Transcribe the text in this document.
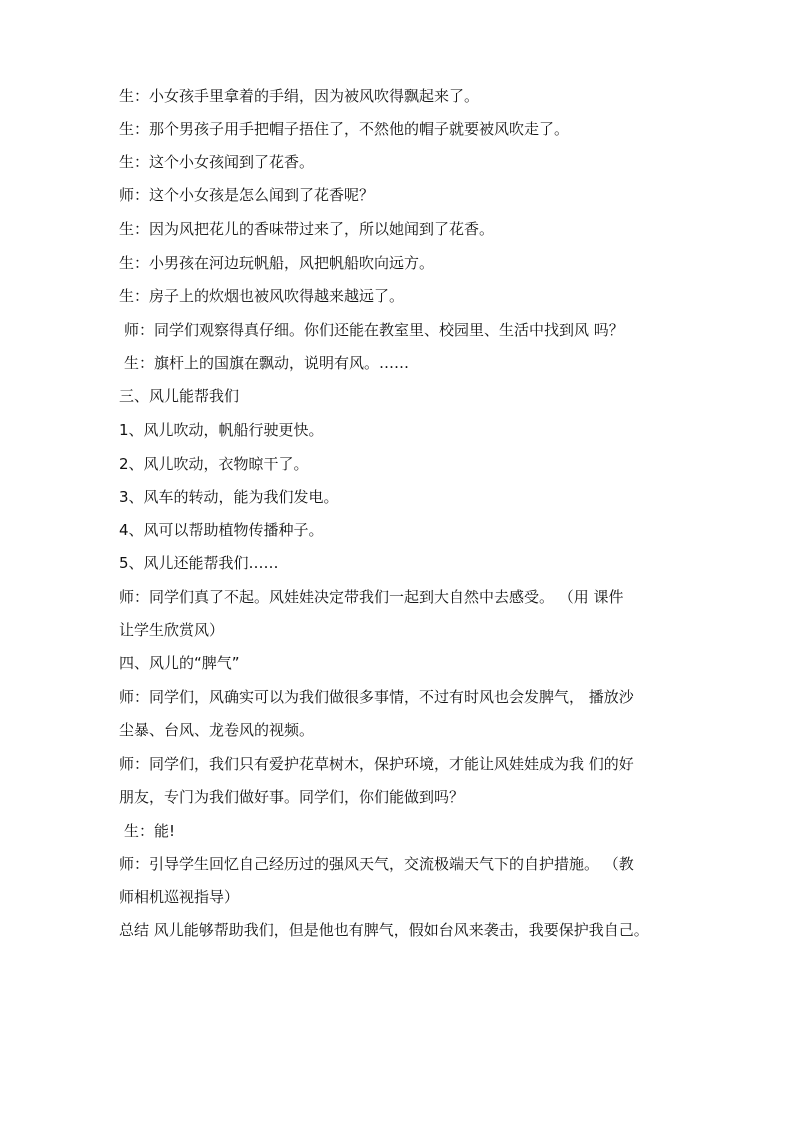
生：小女孩手里拿着的手绢，因为被风吹得飘起来了。
生：那个男孩子用手把帽子捂住了，不然他的帽子就要被风吹走了。
生：这个小女孩闻到了花香。
师：这个小女孩是怎么闻到了花香呢？
生：因为风把花儿的香味带过来了，所以她闻到了花香。
生：小男孩在河边玩帆船，风把帆船吹向远方。
生：房子上的炊烟也被风吹得越来越远了。
师：同学们观察得真仔细。你们还能在教室里、校园里、生活中找到风 吗？
生：旗杆上的国旗在飘动，说明有风。……
三、风儿能帮我们
1、风儿吹动，帆船行驶更快。
2、风儿吹动，衣物晾干了。
3、风车的转动，能为我们发电。
4、风可以帮助植物传播种子。
5、风儿还能帮我们……
师：同学们真了不起。风娃娃决定带我们一起到大自然中去感受。 （用 课件
让学生欣赏风）
四、风儿的“脾气”
师：同学们，风确实可以为我们做很多事情，不过有时风也会发脾气， 播放沙
尘暴、台风、龙卷风的视频。
师：同学们，我们只有爱护花草树木，保护环境，才能让风娃娃成为我 们的好
朋友，专门为我们做好事。同学们，你们能做到吗？
生：能!
师：引导学生回忆自己经历过的强风天气，交流极端天气下的自护措施。 （教
师相机巡视指导）
总结 风儿能够帮助我们，但是他也有脾气，假如台风来袭击，我要保护我自己。
